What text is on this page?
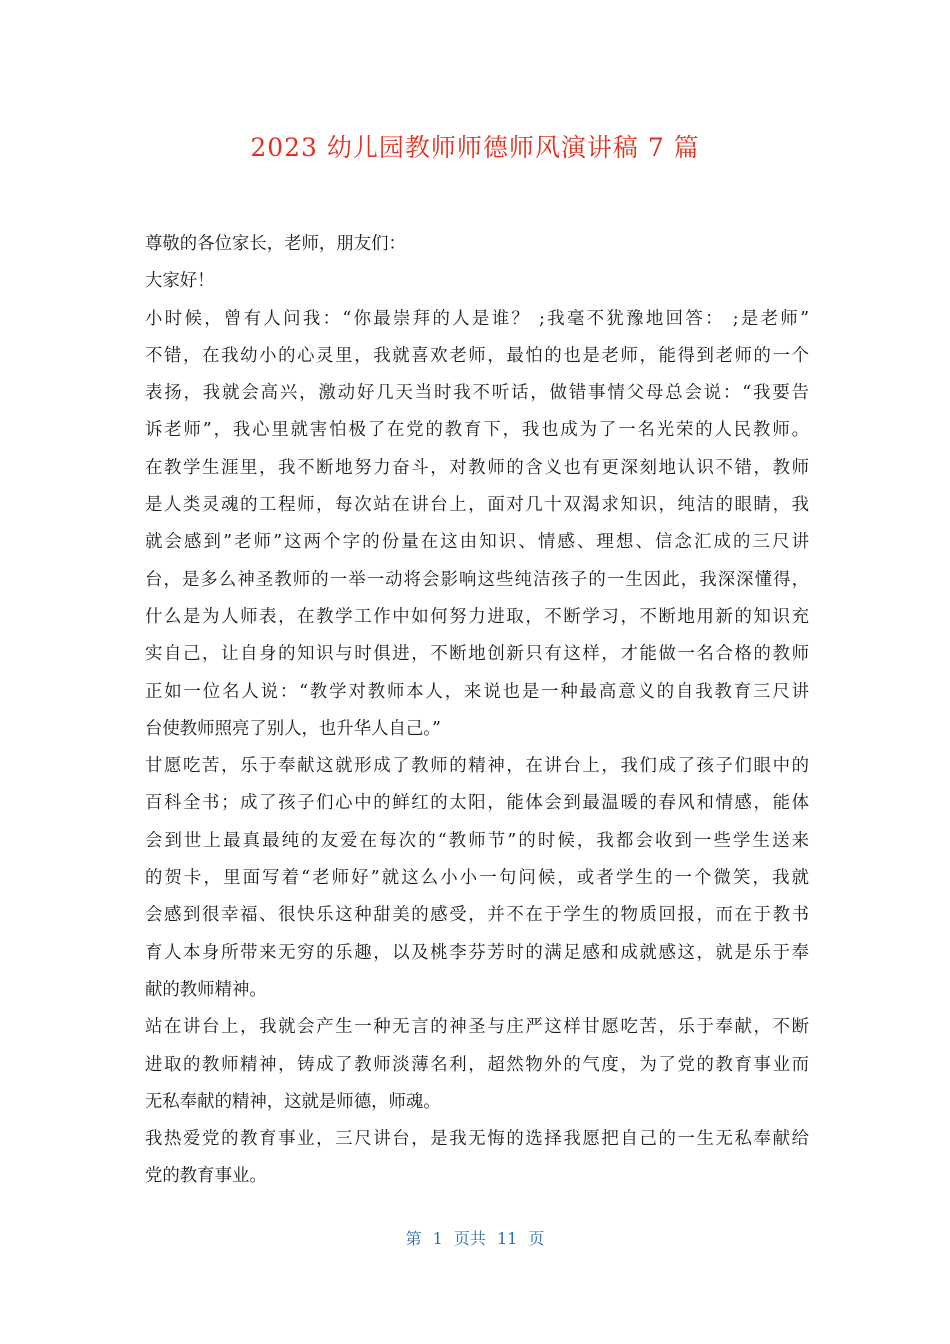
2023 幼儿园教师师德师风演讲稿 7 篇
尊敬的各位家长，老师，朋友们：
大家好！
小时候，曾有人问我：“你最崇拜的人是谁？ ;我毫不犹豫地回答： ;是老师”
不错，在我幼小的心灵里，我就喜欢老师，最怕的也是老师，能得到老师的一个
表扬，我就会高兴，激动好几天当时我不听话，做错事情父母总会说：“我要告
诉老师”，我心里就害怕极了在党的教育下，我也成为了一名光荣的人民教师。
在教学生涯里，我不断地努力奋斗，对教师的含义也有更深刻地认识不错，教师
是人类灵魂的工程师，每次站在讲台上，面对几十双渴求知识，纯洁的眼睛，我
就会感到”老师”这两个字的份量在这由知识、情感、理想、信念汇成的三尺讲
台，是多么神圣教师的一举一动将会影响这些纯洁孩子的一生因此，我深深懂得，
什么是为人师表，在教学工作中如何努力进取，不断学习，不断地用新的知识充
实自己，让自身的知识与时俱进，不断地创新只有这样，才能做一名合格的教师
正如一位名人说：“教学对教师本人，来说也是一种最高意义的自我教育三尺讲
台使教师照亮了别人，也升华人自己。”
甘愿吃苦，乐于奉献这就形成了教师的精神，在讲台上，我们成了孩子们眼中的
百科全书；成了孩子们心中的鲜红的太阳，能体会到最温暖的春风和情感，能体
会到世上最真最纯的友爱在每次的“教师节”的时候，我都会收到一些学生送来
的贺卡，里面写着“老师好”就这么小小一句问候，或者学生的一个微笑，我就
会感到很幸福、很快乐这种甜美的感受，并不在于学生的物质回报，而在于教书
育人本身所带来无穷的乐趣，以及桃李芬芳时的满足感和成就感这，就是乐于奉
献的教师精神。
站在讲台上，我就会产生一种无言的神圣与庄严这样甘愿吃苦，乐于奉献，不断
进取的教师精神，铸成了教师淡薄名利，超然物外的气度，为了党的教育事业而
无私奉献的精神，这就是师德，师魂。
我热爱党的教育事业，三尺讲台，是我无悔的选择我愿把自己的一生无私奉献给
党的教育事业。
第 1 页共 11 页
